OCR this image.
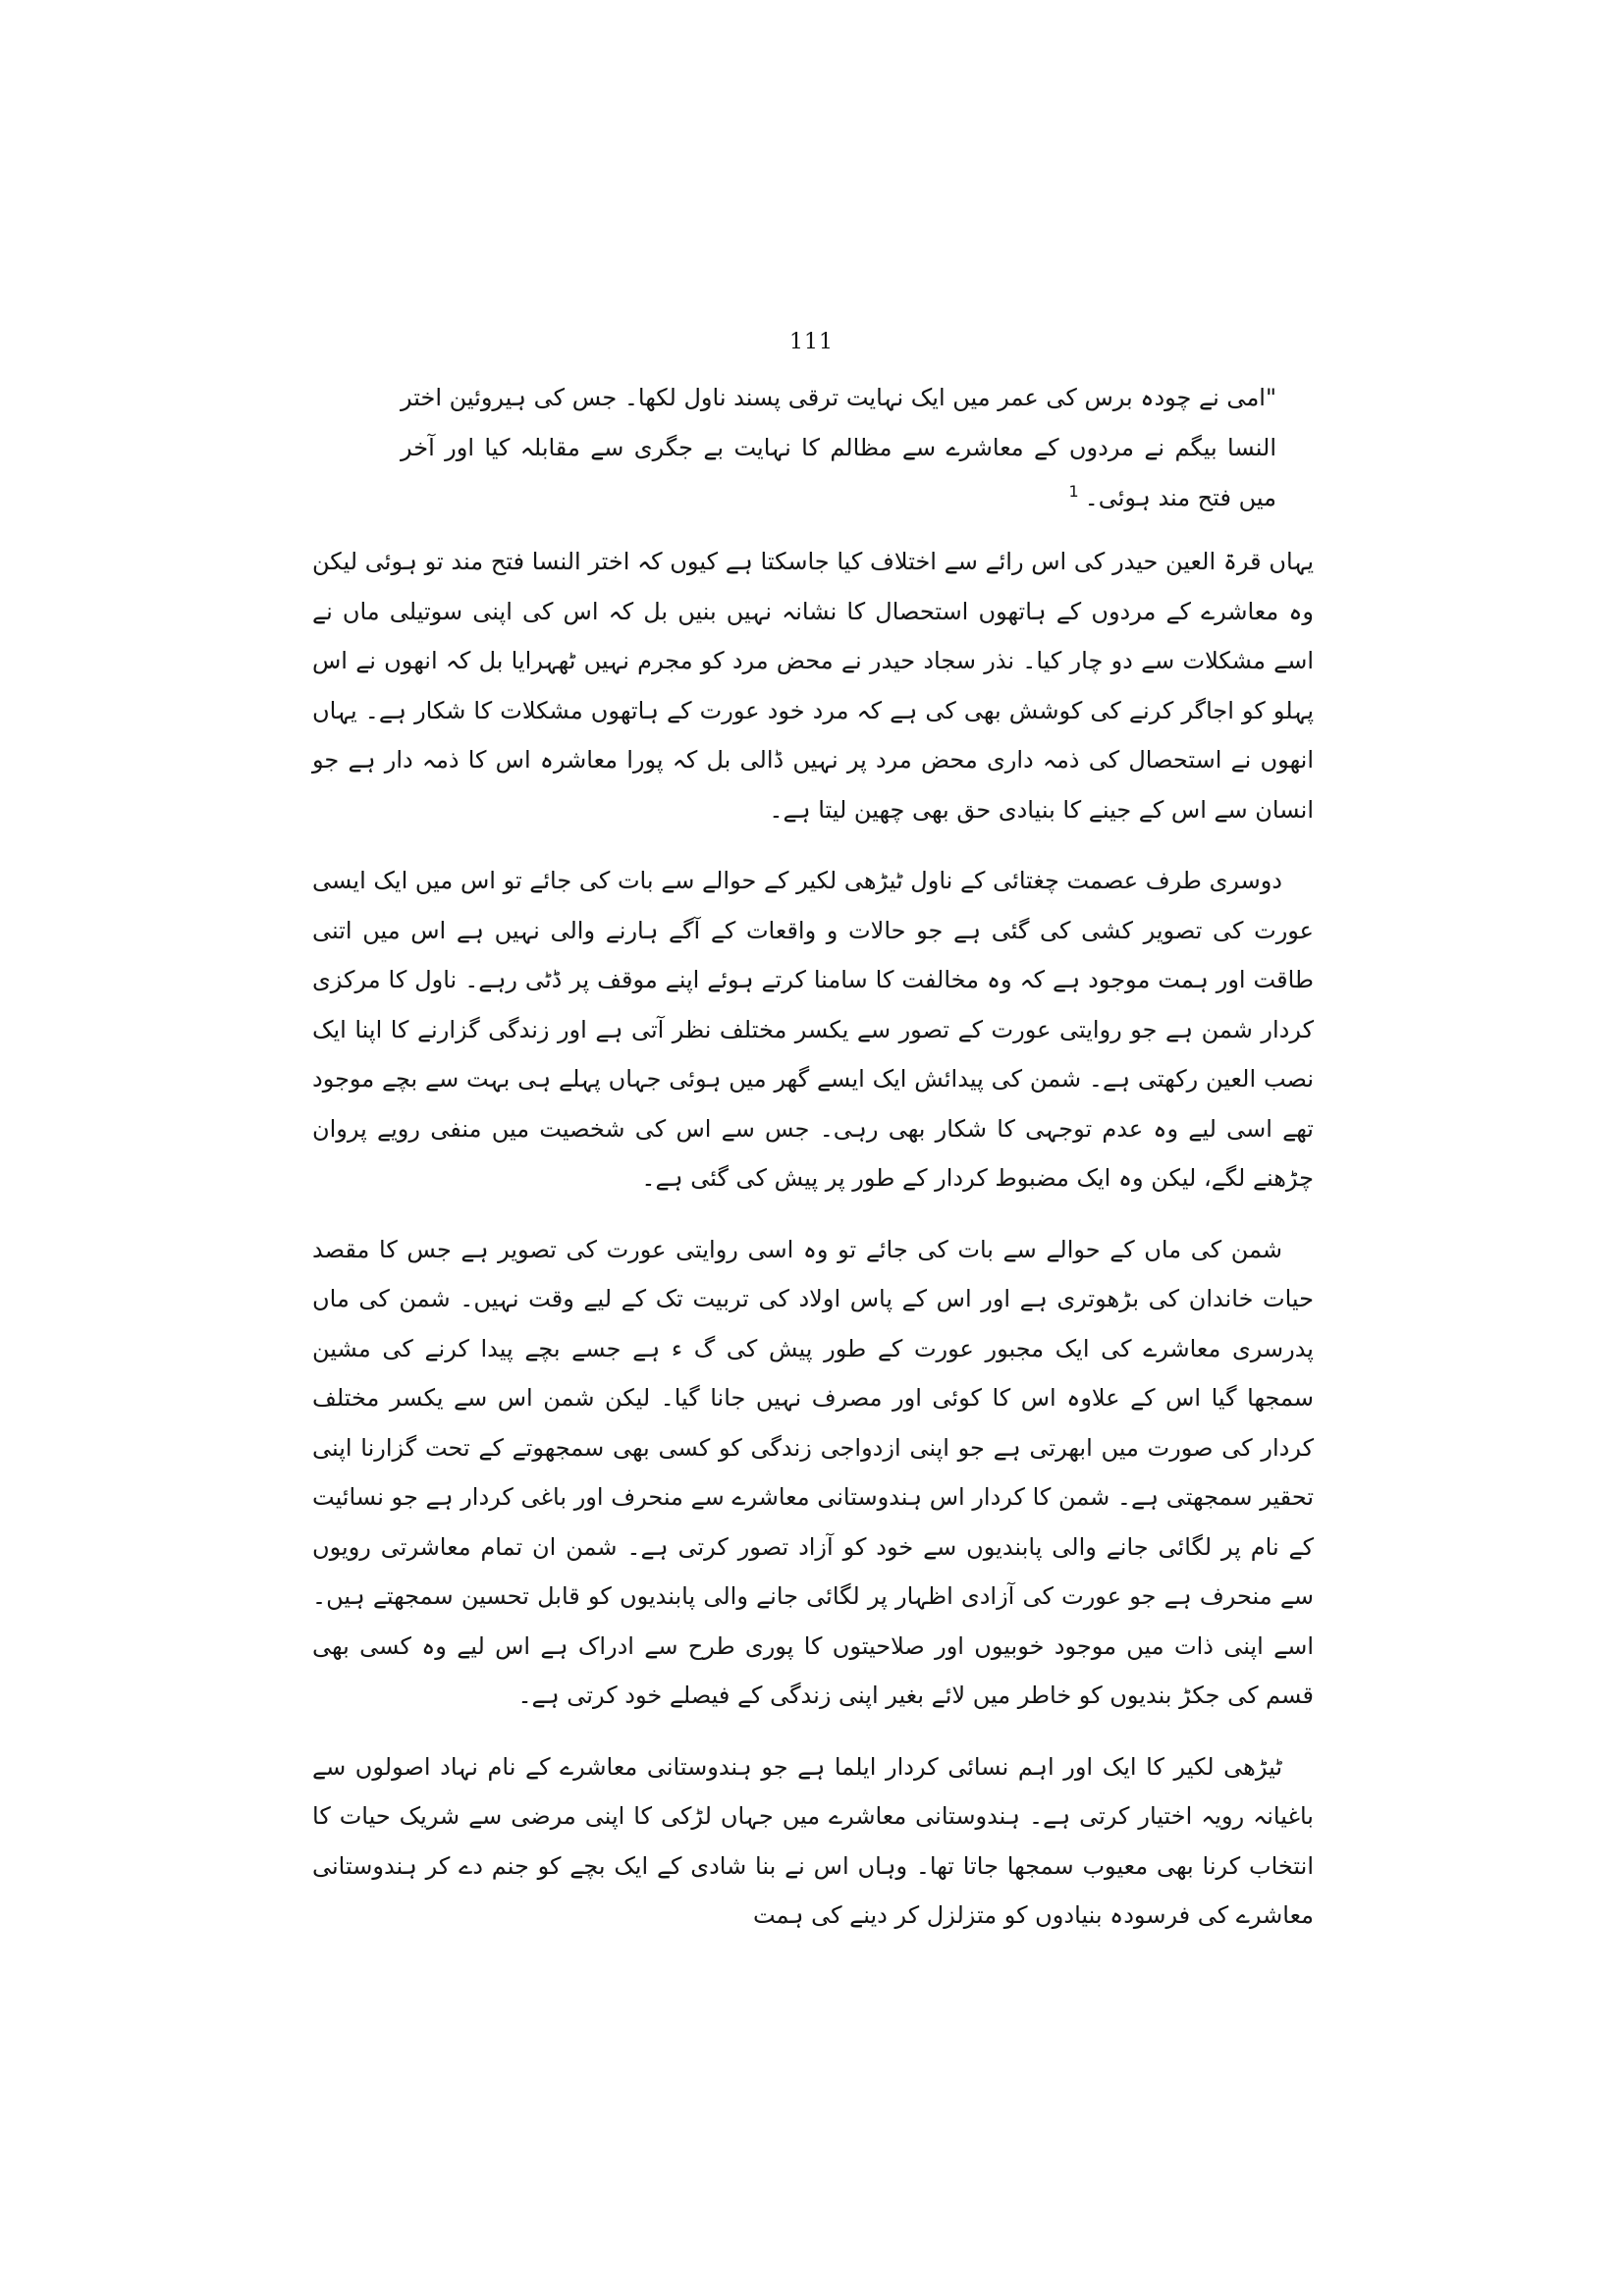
111

"امی نے چودہ برس کی عمر میں ایک نہایت ترقی پسند ناول لکھا۔ جس کی ہیروئین اختر النسا بیگم نے مردوں کے معاشرے سے مظالم کا نہایت بے جگری سے مقابلہ کیا اور آخر میں فتح مند ہوئی۔$^1$

یہاں قرۃ العین حیدر کی اس رائے سے اختلاف کیا جاسکتا ہے کیوں کہ اختر النسا فتح مند تو ہوئی لیکن وہ معاشرے کے مردوں کے ہاتھوں استحصال کا نشانہ نہیں بنیں بل کہ اس کی اپنی سوتیلی ماں نے اسے مشکلات سے دو چار کیا۔ نذر سجاد حیدر نے محض مرد کو مجرم نہیں ٹھہرایا بل کہ انھوں نے اس پہلو کو اجاگر کرنے کی کوشش بھی کی ہے کہ مرد خود عورت کے ہاتھوں مشکلات کا شکار ہے۔ یہاں انھوں نے استحصال کی ذمہ داری محض مرد پر نہیں ڈالی بل کہ پورا معاشرہ اس کا ذمہ دار ہے جو انسان سے اس کے جینے کا بنیادی حق بھی چھین لیتا ہے۔

دوسری طرف عصمت چغتائی کے ناول ٹیڑھی لکیر کے حوالے سے بات کی جائے تو اس میں ایک ایسی عورت کی تصویر کشی کی گئی ہے جو حالات و واقعات کے آگے ہارنے والی نہیں ہے اس میں اتنی طاقت اور ہمت موجود ہے کہ وہ مخالفت کا سامنا کرتے ہوئے اپنے موقف پر ڈٹی رہے۔ ناول کا مرکزی کردار شمن ہے جو روایتی عورت کے تصور سے یکسر مختلف نظر آتی ہے اور زندگی گزارنے کا اپنا ایک نصب العین رکھتی ہے۔ شمن کی پیدائش ایک ایسے گھر میں ہوئی جہاں پہلے ہی بہت سے بچے موجود تھے اسی لیے وہ عدم توجہی کا شکار بھی رہی۔ جس سے اس کی شخصیت میں منفی رویے پروان چڑھنے لگے، لیکن وہ ایک مضبوط کردار کے طور پر پیش کی گئی ہے۔

شمن کی ماں کے حوالے سے بات کی جائے تو وہ اسی روایتی عورت کی تصویر ہے جس کا مقصد حیات خاندان کی بڑھوتری ہے اور اس کے پاس اولاد کی تربیت تک کے لیے وقت نہیں۔ شمن کی ماں پدرسری معاشرے کی ایک مجبور عورت کے طور پیش کی گ ء ہے جسے بچے پیدا کرنے کی مشین سمجھا گیا اس کے علاوہ اس کا کوئی اور مصرف نہیں جانا گیا۔ لیکن شمن اس سے یکسر مختلف کردار کی صورت میں ابھرتی ہے جو اپنی ازدواجی زندگی کو کسی بھی سمجھوتے کے تحت گزارنا اپنی تحقیر سمجھتی ہے۔ شمن کا کردار اس ہندوستانی معاشرے سے منحرف اور باغی کردار ہے جو نسائیت کے نام پر لگائی جانے والی پابندیوں سے خود کو آزاد تصور کرتی ہے۔ شمن ان تمام معاشرتی رویوں سے منحرف ہے جو عورت کی آزادی اظہار پر لگائی جانے والی پابندیوں کو قابل تحسین سمجھتے ہیں۔ اسے اپنی ذات میں موجود خوبیوں اور صلاحیتوں کا پوری طرح سے ادراک ہے اس لیے وہ کسی بھی قسم کی جکڑ بندیوں کو خاطر میں لائے بغیر اپنی زندگی کے فیصلے خود کرتی ہے۔

ٹیڑھی لکیر کا ایک اور اہم نسائی کردار ایلما ہے جو ہندوستانی معاشرے کے نام نہاد اصولوں سے باغیانہ رویہ اختیار کرتی ہے۔ ہندوستانی معاشرے میں جہاں لڑکی کا اپنی مرضی سے شریک حیات کا انتخاب کرنا بھی معیوب سمجھا جاتا تھا۔ وہاں اس نے بنا شادی کے ایک بچے کو جنم دے کر ہندوستانی معاشرے کی فرسودہ بنیادوں کو متزلزل کر دینے کی ہمت
